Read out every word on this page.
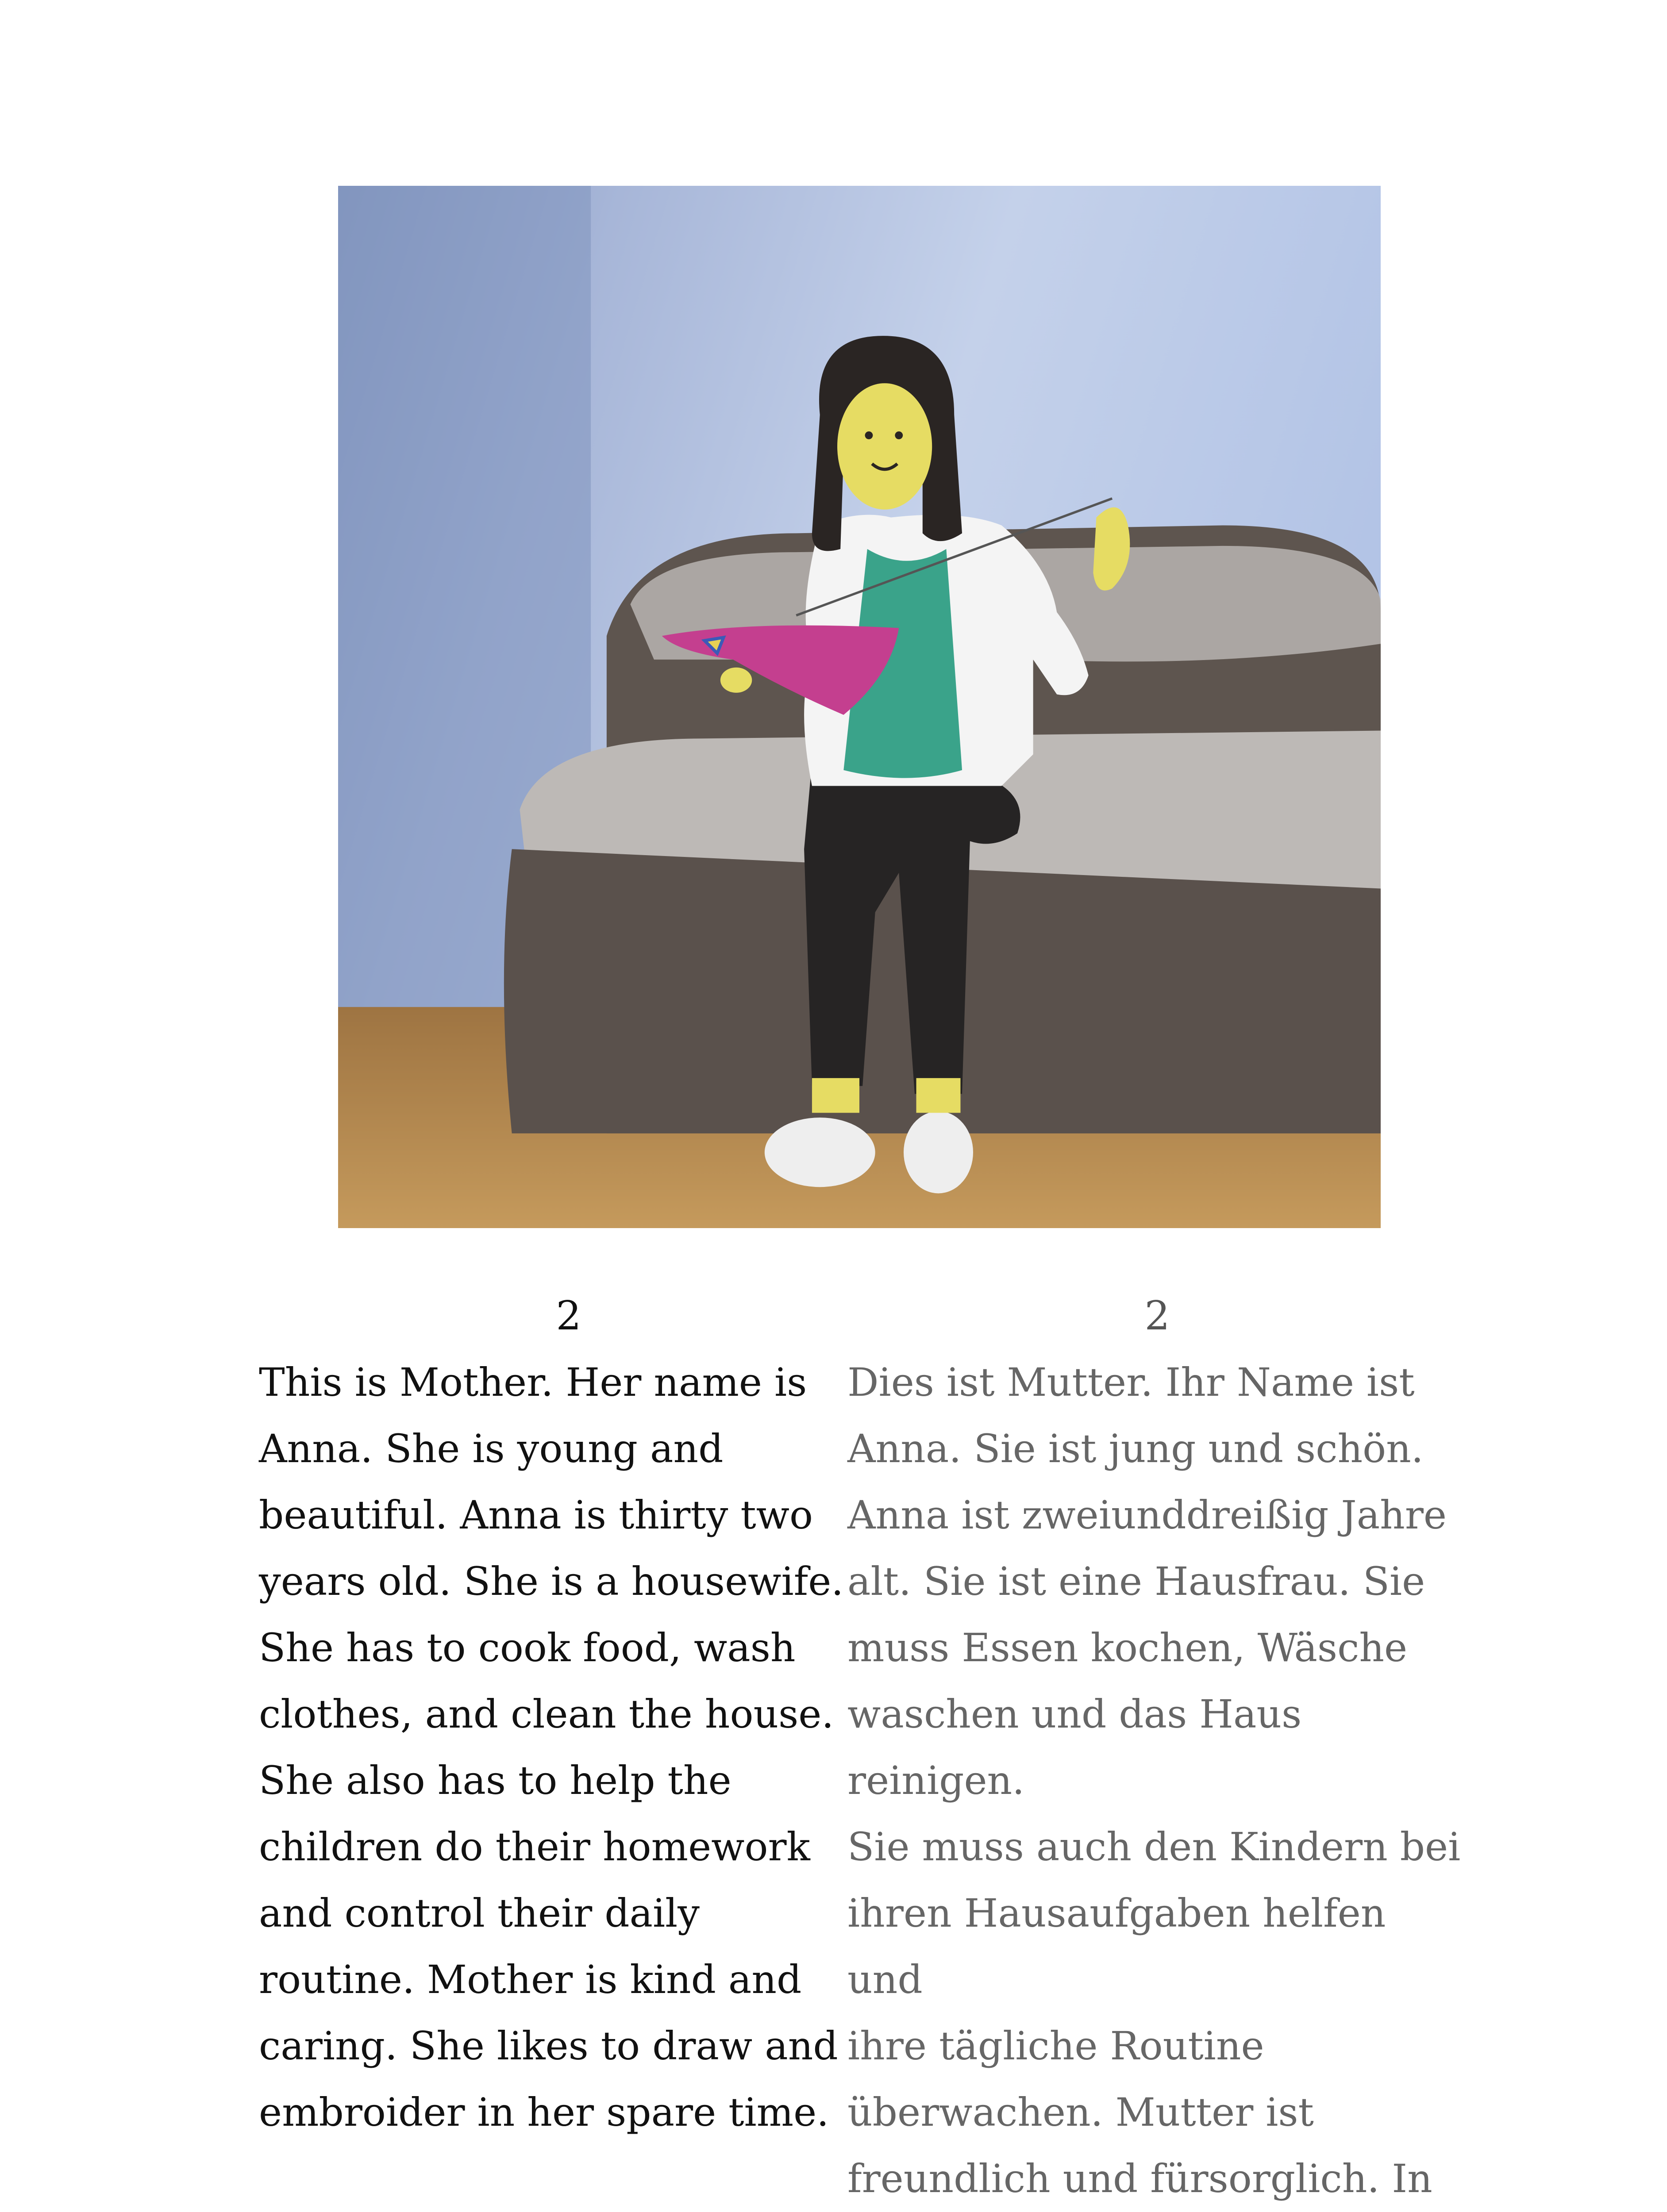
2

This is Mother. Her name is
Anna. She is young and
beautiful. Anna is thirty two
years old. She is a housewife.
She has to cook food, wash
clothes, and clean the house.
She also has to help the
children do their homework
and control their daily
routine. Mother is kind and
caring. She likes to draw and
embroider in her spare time.

2

Dies ist Mutter. Ihr Name ist
Anna. Sie ist jung und schön.
Anna ist zweiunddreißig Jahre
alt. Sie ist eine Hausfrau. Sie
muss Essen kochen, Wäsche
waschen und das Haus reinigen.
Sie muss auch den Kindern bei
ihren Hausaufgaben helfen und
ihre tägliche Routine
überwachen. Mutter ist
freundlich und fürsorglich. In
